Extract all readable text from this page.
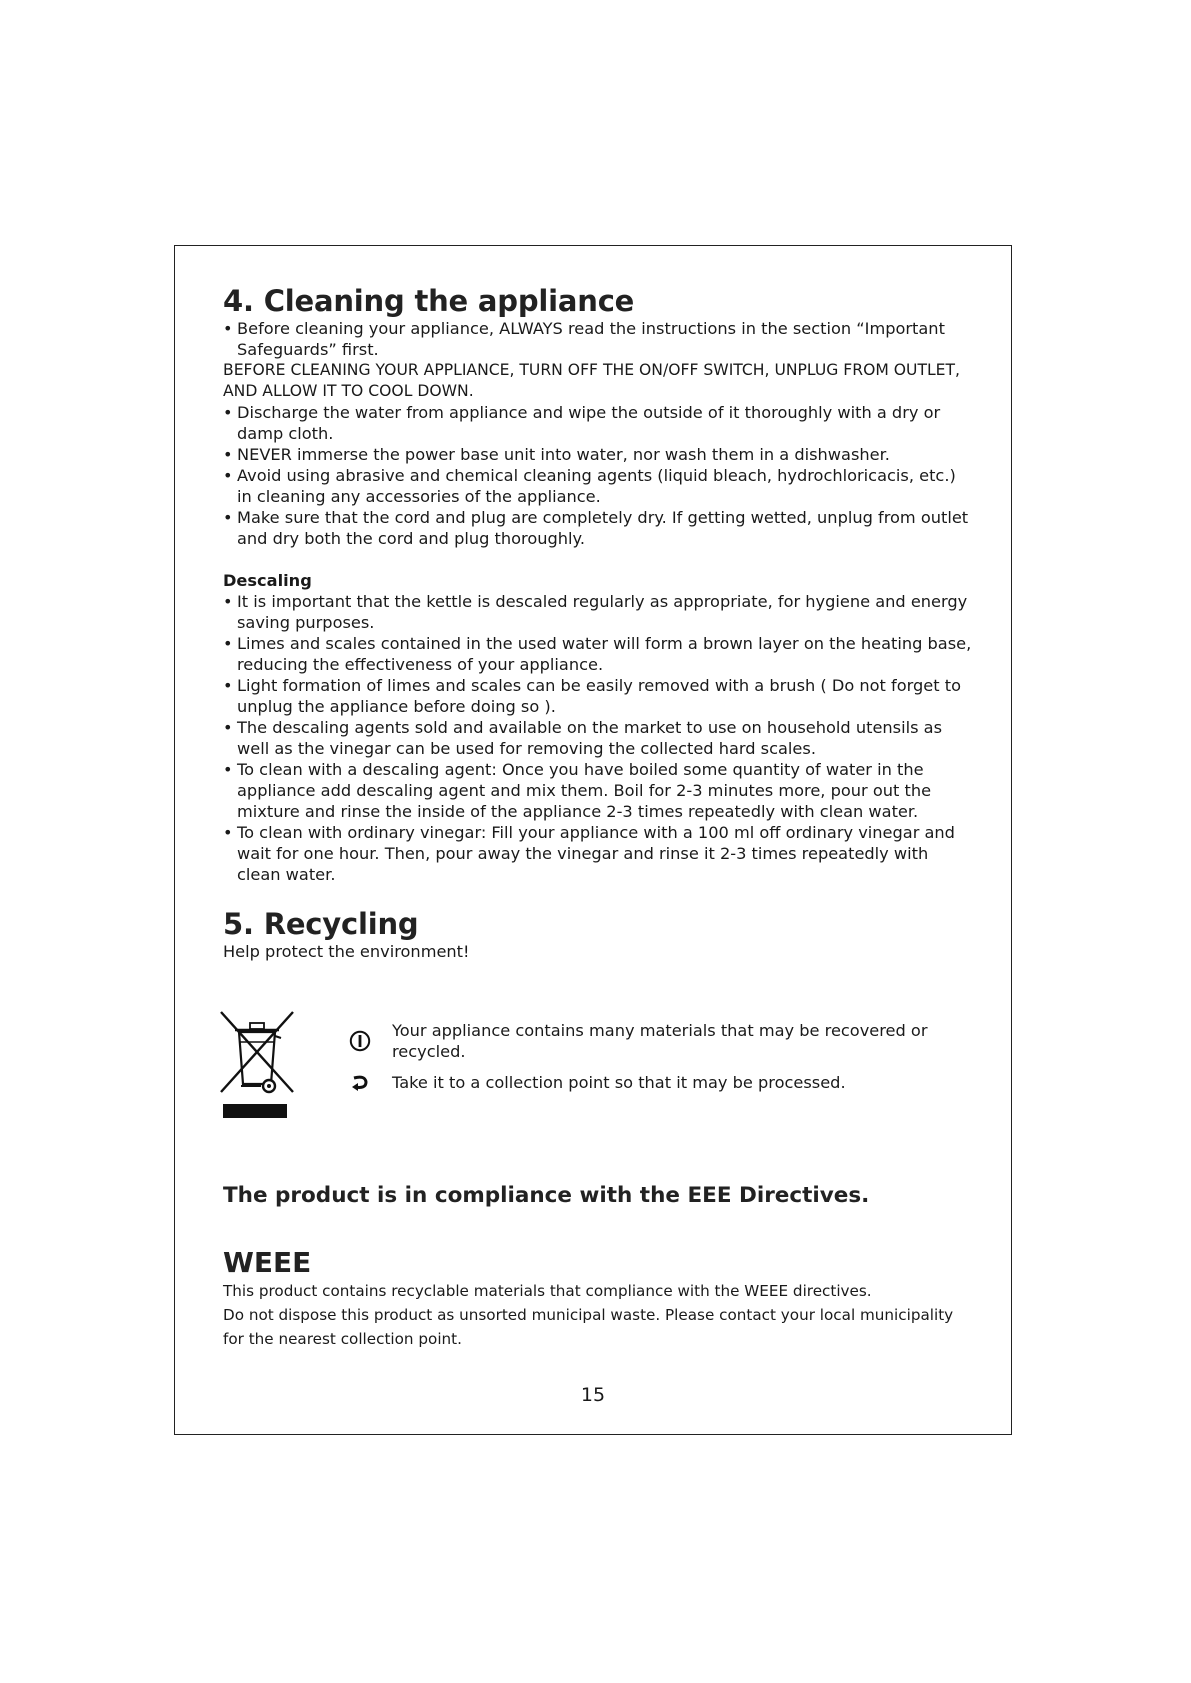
4. Cleaning the appliance
• Before cleaning your appliance, ALWAYS read the instructions in the section “Important Safeguards” first.

BEFORE CLEANING YOUR APPLIANCE, TURN OFF THE ON/OFF SWITCH, UNPLUG FROM OUTLET, AND ALLOW IT TO COOL DOWN.

• Discharge the water from appliance and wipe the outside of it thoroughly with a dry or damp cloth.
• NEVER immerse the power base unit into water, nor wash them in a dishwasher.
• Avoid using abrasive and chemical cleaning agents (liquid bleach, hydrochloricacis, etc.) in cleaning any accessories of the appliance.
• Make sure that the cord and plug are completely dry. If getting wetted, unplug from outlet and dry both the cord and plug thoroughly.
Descaling
• It is important that the kettle is descaled regularly as appropriate, for hygiene and energy saving purposes.
• Limes and scales contained in the used water will form a brown layer on the heating base, reducing the effectiveness of your appliance.
• Light formation of limes and scales can be easily removed with a brush ( Do not forget to unplug the appliance before doing so ).
• The descaling agents sold and available on the market to use on household utensils as well as the vinegar can be used for removing the collected hard scales.
• To clean with a descaling agent: Once you have boiled some quantity of water in the appliance add descaling agent and mix them. Boil for 2-3 minutes more, pour out the mixture and rinse the inside of the appliance 2-3 times repeatedly with clean water.
• To clean with ordinary vinegar: Fill your appliance with a 100 ml off ordinary vinegar and wait for one hour. Then, pour away the vinegar and rinse it 2-3 times repeatedly with clean water.
5. Recycling

Help protect the environment!

Your appliance contains many materials that may be recovered or recycled.

Take it to a collection point so that it may be processed.

The product is in compliance with the EEE Directives.
WEEE

This product contains recyclable materials that compliance with the WEEE directives.

Do not dispose this product as unsorted municipal waste. Please contact your local municipality for the nearest collection point.

15
